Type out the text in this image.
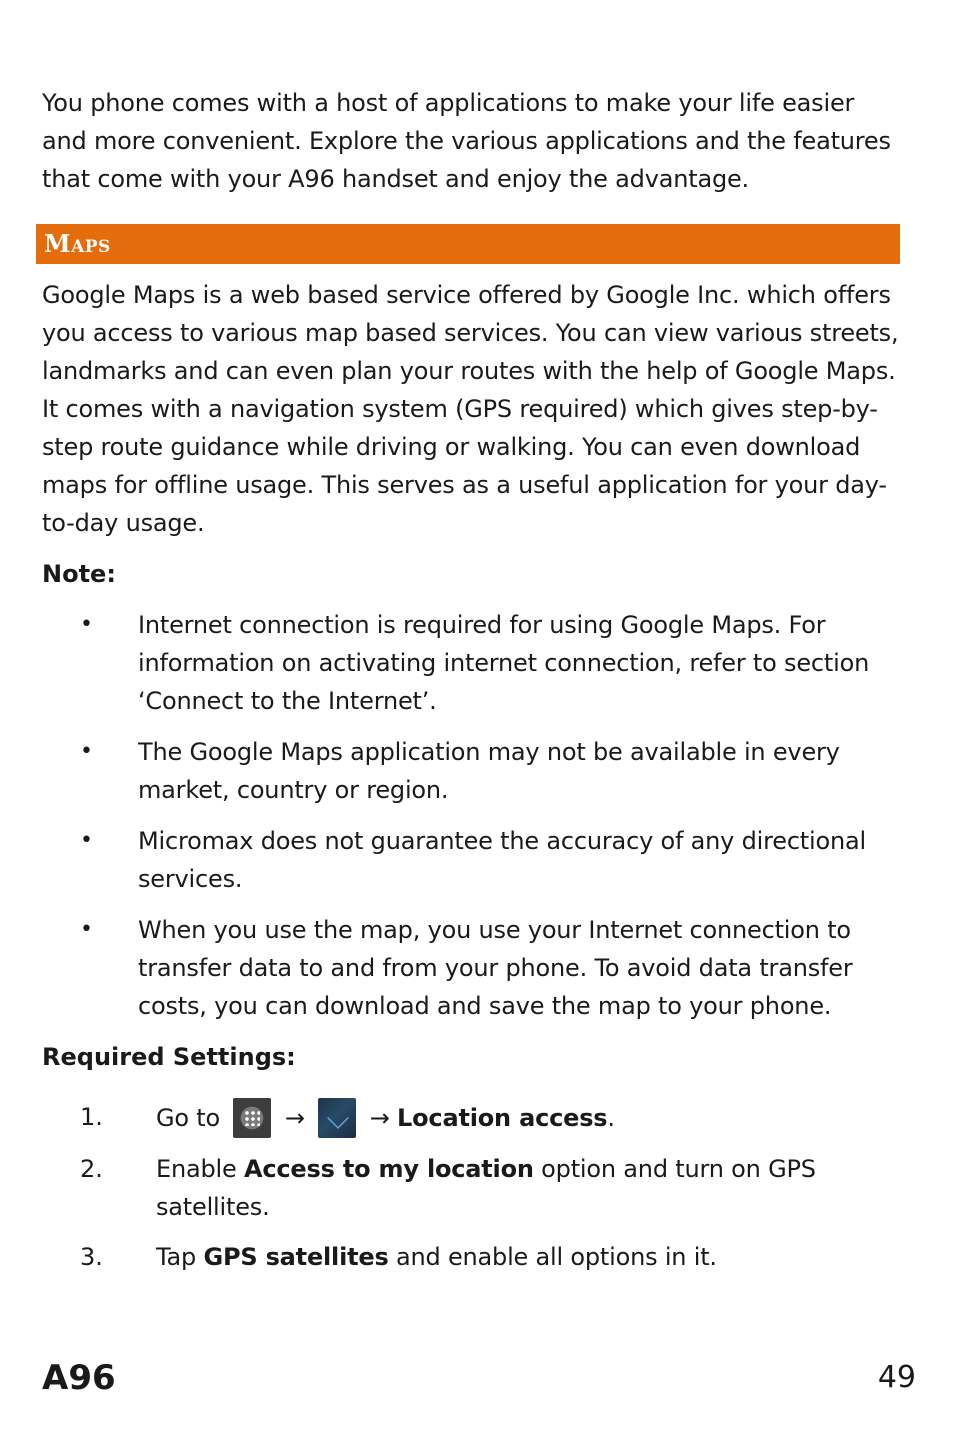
You phone comes with a host of applications to make your life easier and more convenient. Explore the various applications and the features that come with your A96 handset and enjoy the advantage.

Maps

Google Maps is a web based service offered by Google Inc. which offers you access to various map based services. You can view various streets, landmarks and can even plan your routes with the help of Google Maps. It comes with a navigation system (GPS required) which gives step-by-step route guidance while driving or walking. You can even download maps for offline usage. This serves as a useful application for your day-to-day usage.

Note:

• Internet connection is required for using Google Maps. For information on activating internet connection, refer to section ‘Connect to the Internet’.
• The Google Maps application may not be available in every market, country or region.
• Micromax does not guarantee the accuracy of any directional services.
• When you use the map, you use your Internet connection to transfer data to and from your phone. To avoid data transfer costs, you can download and save the map to your phone.

Required Settings:

1. Go to	→	→ Location access.
2. Enable Access to my location option and turn on GPS satellites.
3. Tap GPS satellites and enable all options in it.
A96	49
